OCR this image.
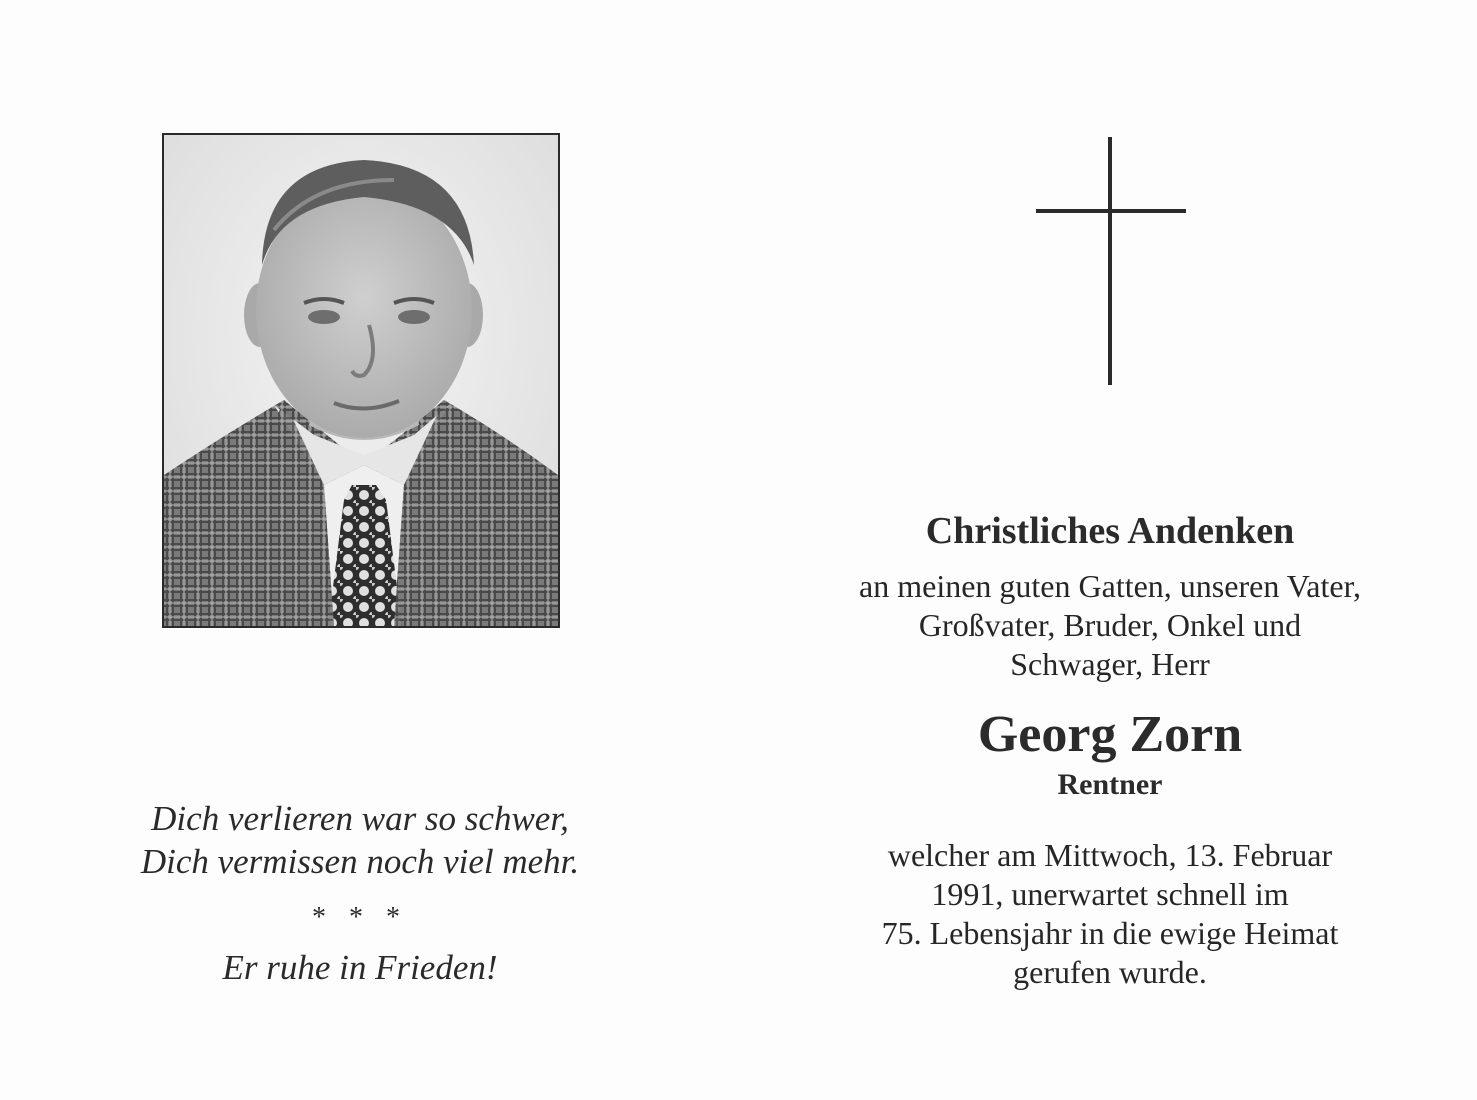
Dich verlieren war so schwer,
Dich vermissen noch viel mehr.
* * *
Er ruhe in Frieden!
Christliches Andenken
an meinen guten Gatten, unseren Vater,
Großvater, Bruder, Onkel und
Schwager, Herr
Georg Zorn
Rentner
welcher am Mittwoch, 13. Februar
1991, unerwartet schnell im
75. Lebensjahr in die ewige Heimat
gerufen wurde.
